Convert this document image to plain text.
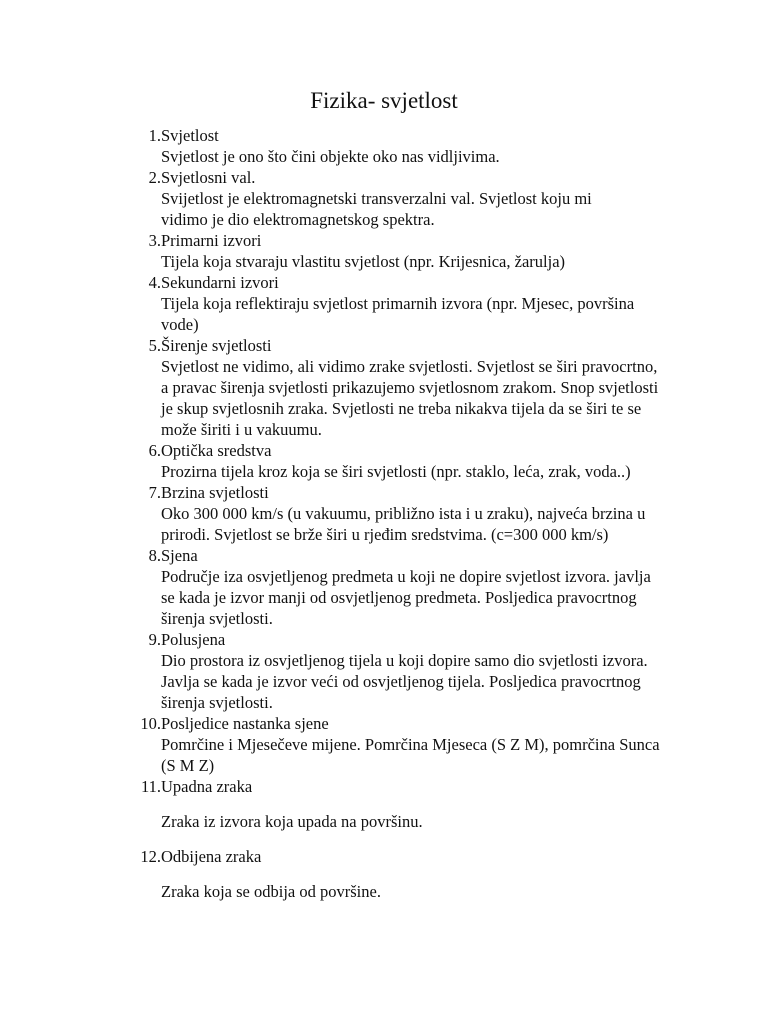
Fizika- svjetlost
1. Svjetlost
Svjetlost je ono što čini objekte oko nas vidljivima.
2. Svjetlosni val.
Svijetlost je elektromagnetski transverzalni val. Svjetlost koju mi vidimo je dio elektromagnetskog spektra.
3. Primarni izvori
Tijela koja stvaraju vlastitu svjetlost (npr. Krijesnica, žarulja)
4. Sekundarni izvori
Tijela koja reflektiraju svjetlost primarnih izvora (npr. Mjesec, površina vode)
5. Širenje svjetlosti
Svjetlost ne vidimo, ali vidimo zrake svjetlosti. Svjetlost se širi pravocrtno, a pravac širenja svjetlosti prikazujemo svjetlosnom zrakom. Snop svjetlosti je skup svjetlosnih zraka. Svjetlosti ne treba nikakva tijela da se širi te se može širiti i u vakuumu.
6. Optička sredstva
Prozirna tijela kroz koja se širi svjetlosti (npr. staklo, leća, zrak, voda..)
7. Brzina svjetlosti
Oko 300 000 km/s (u vakuumu, približno ista i u zraku), najveća brzina u prirodi. Svjetlost se brže širi u rjeđim sredstvima. (c=300 000 km/s)
8. Sjena
Područje iza osvjetljenog predmeta u koji ne dopire svjetlost izvora. javlja se kada je izvor manji od osvjetljenog predmeta. Posljedica pravocrtnog širenja svjetlosti.
9. Polusjena
Dio prostora iz osvjetljenog tijela u koji dopire samo dio svjetlosti izvora. Javlja se kada je izvor veći od osvjetljenog tijela. Posljedica pravocrtnog širenja svjetlosti.
10. Posljedice nastanka sjene
Pomrčine i Mjesečeve mijene. Pomrčina Mjeseca (S Z M), pomrčina Sunca (S M Z)
11. Upadna zraka
Zraka iz izvora koja upada na površinu.
12. Odbijena zraka
Zraka koja se odbija od površine.
